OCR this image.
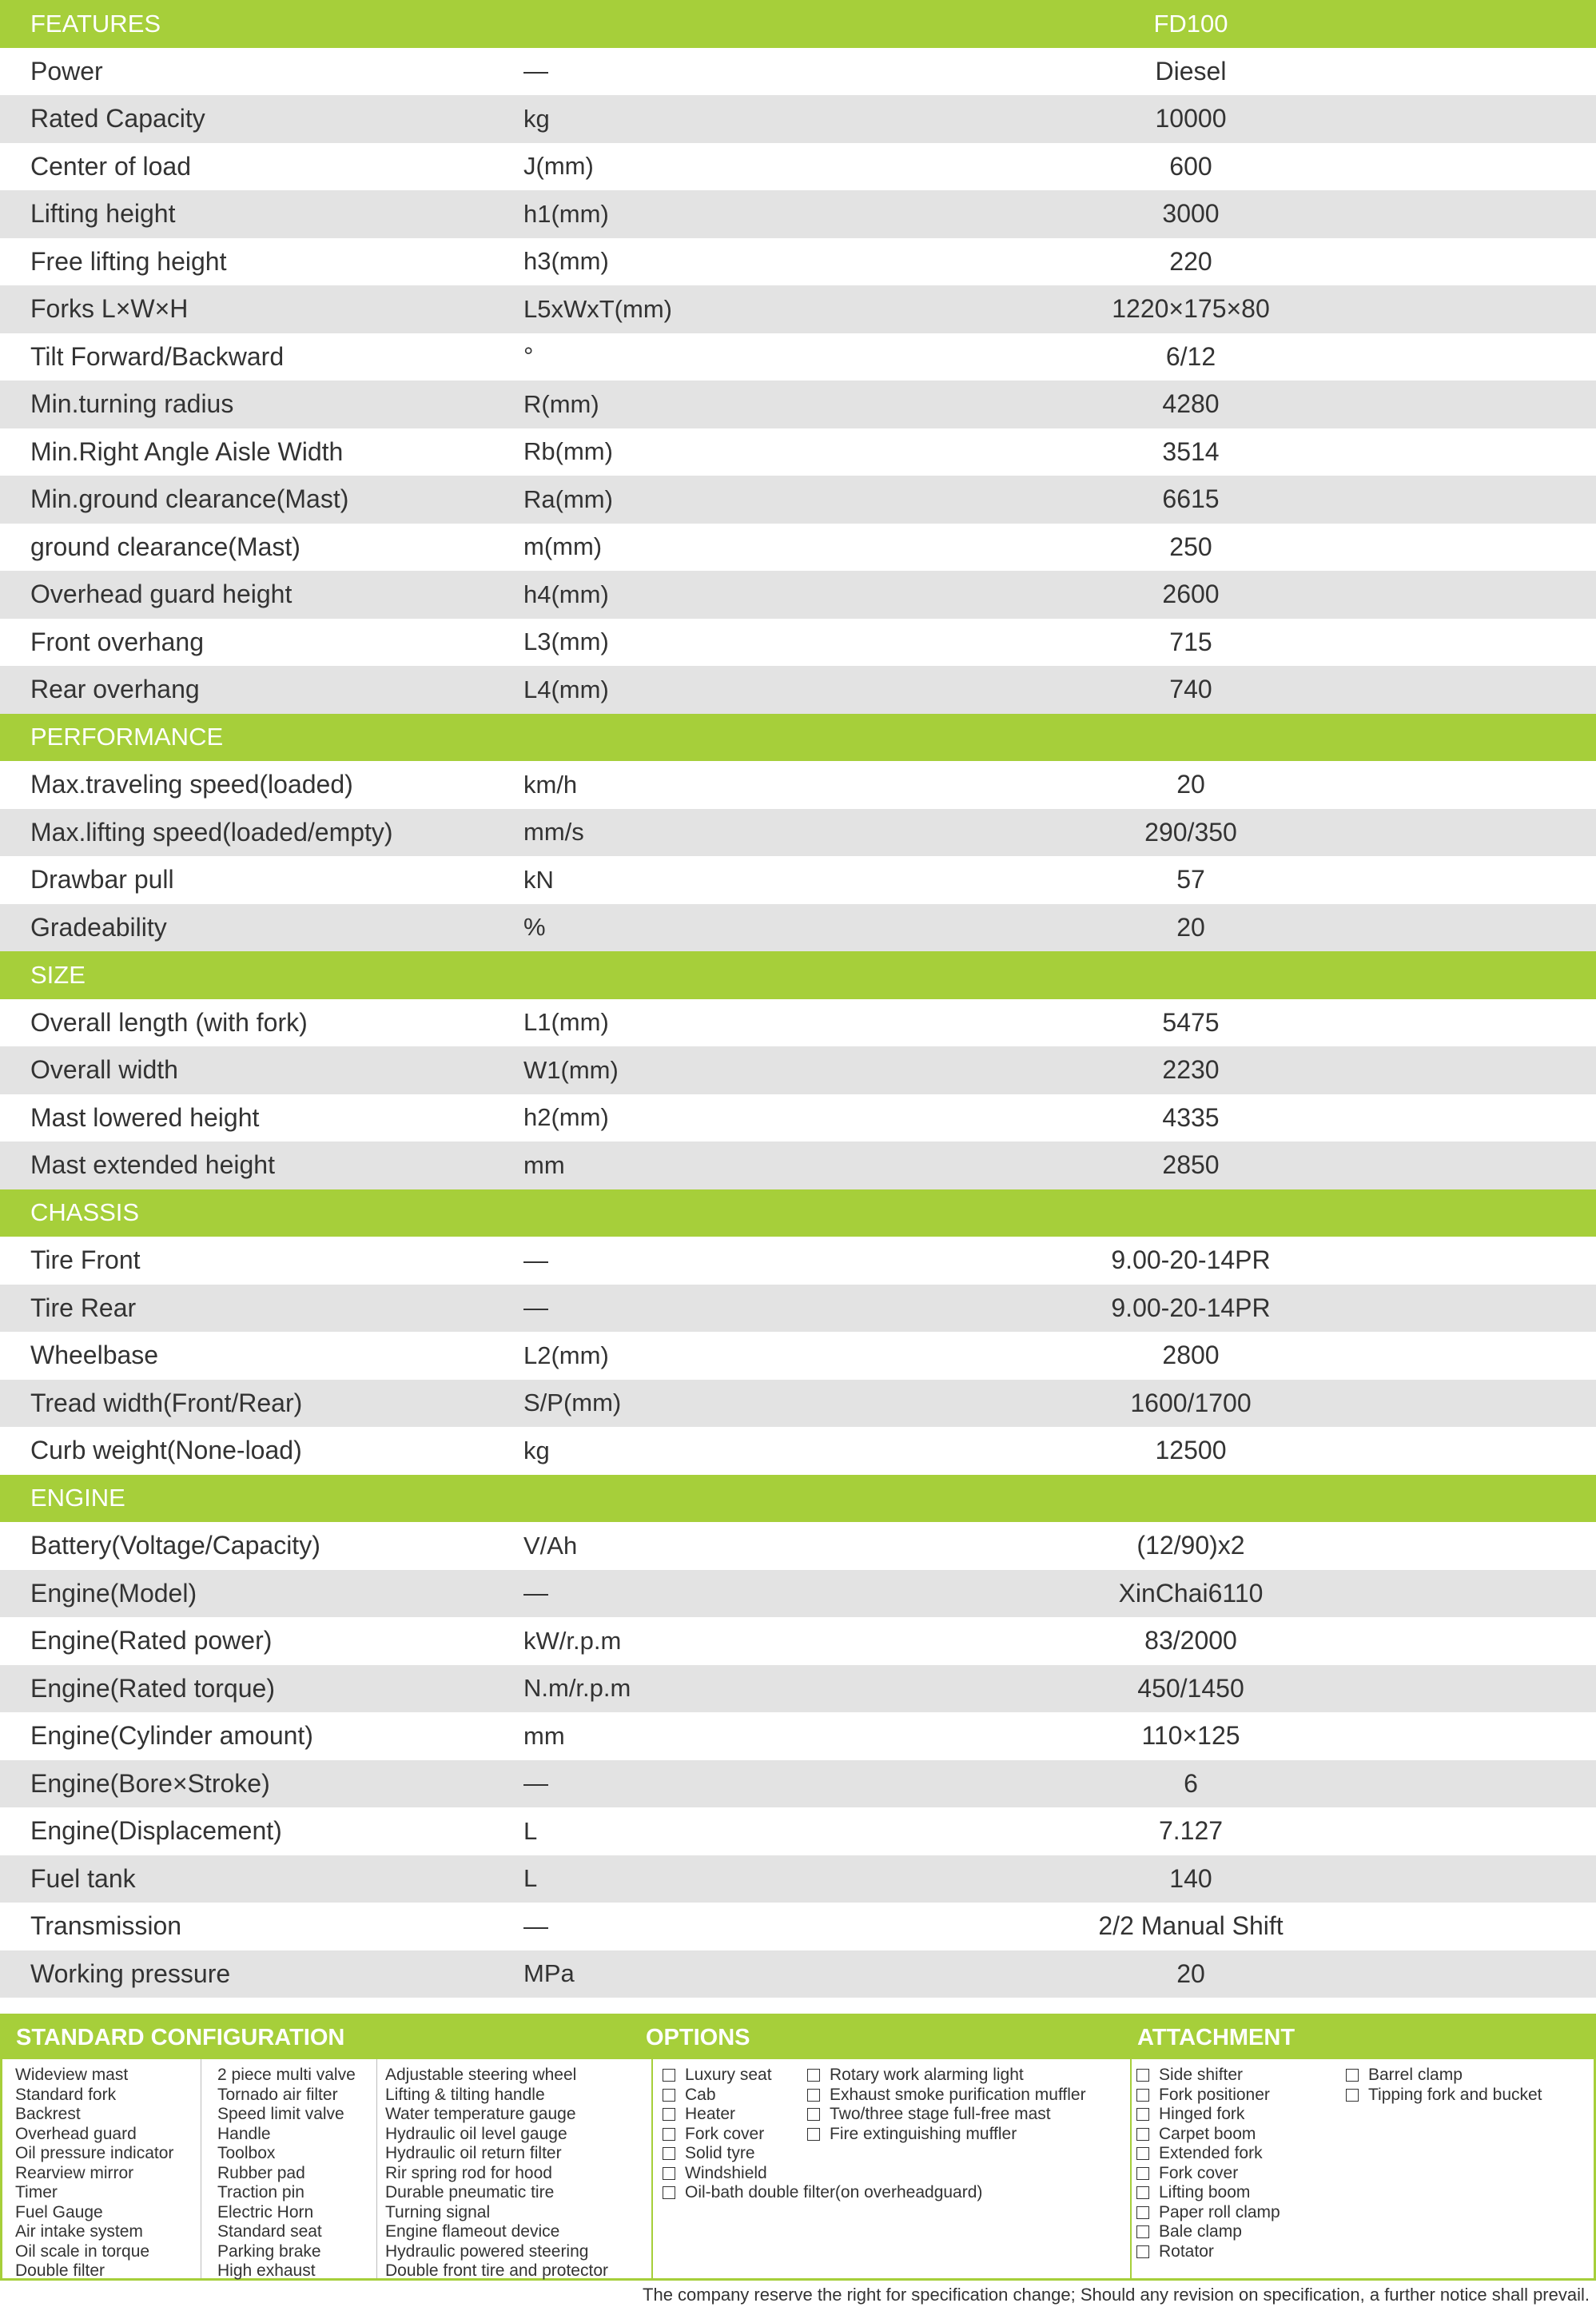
FEATURES	FD100
Power	—	Diesel
Rated Capacity	kg	10000
Center of load	J(mm)	600
Lifting height	h1(mm)	3000
Free lifting height	h3(mm)	220
Forks L×W×H	L5xWxT(mm)	1220×175×80
Tilt Forward/Backward	°	6/12
Min.turning radius	R(mm)	4280
Min.Right Angle Aisle Width	Rb(mm)	3514
Min.ground clearance(Mast)	Ra(mm)	6615
ground clearance(Mast)	m(mm)	250
Overhead guard height	h4(mm)	2600
Front overhang	L3(mm)	715
Rear overhang	L4(mm)	740
PERFORMANCE
Max.traveling speed(loaded)	km/h	20
Max.lifting speed(loaded/empty)	mm/s	290/350
Drawbar pull	kN	57
Gradeability	%	20
SIZE
Overall length (with fork)	L1(mm)	5475
Overall width	W1(mm)	2230
Mast lowered height	h2(mm)	4335
Mast extended height	mm	2850
CHASSIS
Tire Front	—	9.00-20-14PR
Tire Rear	—	9.00-20-14PR
Wheelbase	L2(mm)	2800
Tread width(Front/Rear)	S/P(mm)	1600/1700
Curb weight(None-load)	kg	12500
ENGINE
Battery(Voltage/Capacity)	V/Ah	(12/90)x2
Engine(Model)	—	XinChai6110
Engine(Rated power)	kW/r.p.m	83/2000
Engine(Rated torque)	N.m/r.p.m	450/1450
Engine(Cylinder amount)	mm	110×125
Engine(Bore×Stroke)	—	6
Engine(Displacement)	L	7.127
Fuel tank	L	140
Transmission	—	2/2 Manual Shift
Working pressure	MPa	20
STANDARD CONFIGURATION	OPTIONS	ATTACHMENT
Wideview mast
Standard fork
Backrest
Overhead guard
Oil pressure indicator
Rearview mirror
Timer
Fuel Gauge
Air intake system
Oil scale in torque
Double filter
2 piece multi valve
Tornado air filter
Speed limit valve
Handle
Toolbox
Rubber pad
Traction pin
Electric Horn
Standard seat
Parking brake
High exhaust
Adjustable steering wheel
Lifting & tilting handle
Water temperature gauge
Hydraulic oil level gauge
Hydraulic oil return filter
Rir spring rod for hood
Durable pneumatic tire
Turning signal
Engine flameout device
Hydraulic powered steering
Double front tire and protector
Luxury seat
Cab
Heater
Fork cover
Solid tyre
Windshield
Oil-bath double filter(on overheadguard)
Rotary work alarming light
Exhaust smoke purification muffler
Two/three stage full-free mast
Fire extinguishing muffler
Side shifter
Fork positioner
Hinged fork
Carpet boom
Extended fork
Fork cover
Lifting boom
Paper roll clamp
Bale clamp
Rotator
Barrel clamp
Tipping fork and bucket
The company reserve the right for specification change; Should any revision on specification, a further notice shall prevail.
